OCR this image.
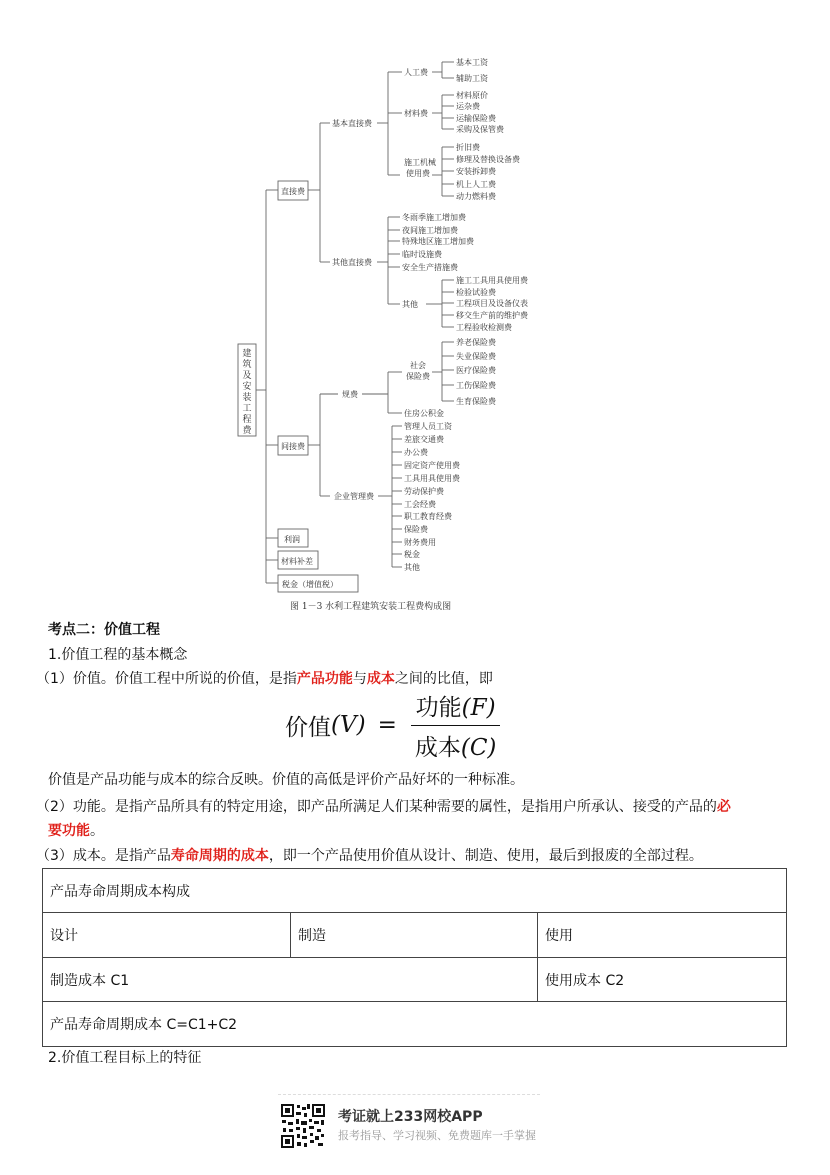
建
筑
及
安
装
工
程
费
直接费
间接费
利润
材料补差
税金（增值税）
基本直接费
其他直接费
人工费
材料费
施工机械
使用费
其他
基本工资
辅助工资
材料原价
运杂费
运输保险费
采购及保管费
折旧费
修理及替换设备费
安装拆卸费
机上人工费
动力燃料费
冬雨季施工增加费
夜间施工增加费
特殊地区施工增加费
临时设施费
安全生产措施费
施工工具用具使用费
检验试验费
工程项目及设备仪表
移交生产前的维护费
工程验收检测费
规费
社会
保险费
住房公积金
养老保险费
失业保险费
医疗保险费
工伤保险费
生育保险费
企业管理费
管理人员工资
差旅交通费
办公费
固定资产使用费
工具用具使用费
劳动保护费
工会经费
职工教育经费
保险费
财务费用
税金
其他
图 1－3 水利工程建筑安装工程费构成图
考点二：价值工程
1.价值工程的基本概念
（1）价值。价值工程中所说的价值，是指产品功能与成本之间的比值，即
价值 $(V) = \frac{\text{功能(F)}}{\text{成本(C)}}$
价值是产品功能与成本的综合反映。价值的高低是评价产品好坏的一种标准。
（2）功能。是指产品所具有的特定用途，即产品所满足人们某种需要的属性，是指用户所承认、接受的产品的必
要功能。
（3）成本。是指产品寿命周期的成本，即一个产品使用价值从设计、制造、使用，最后到报废的全部过程。
产品寿命周期成本构成		
设计	制造	使用
制造成本 C1		使用成本 C2
产品寿命周期成本 C=C1+C2		
2.价值工程目标上的特征
考证就上233网校APP
报考指导、学习视频、免费题库一手掌握
